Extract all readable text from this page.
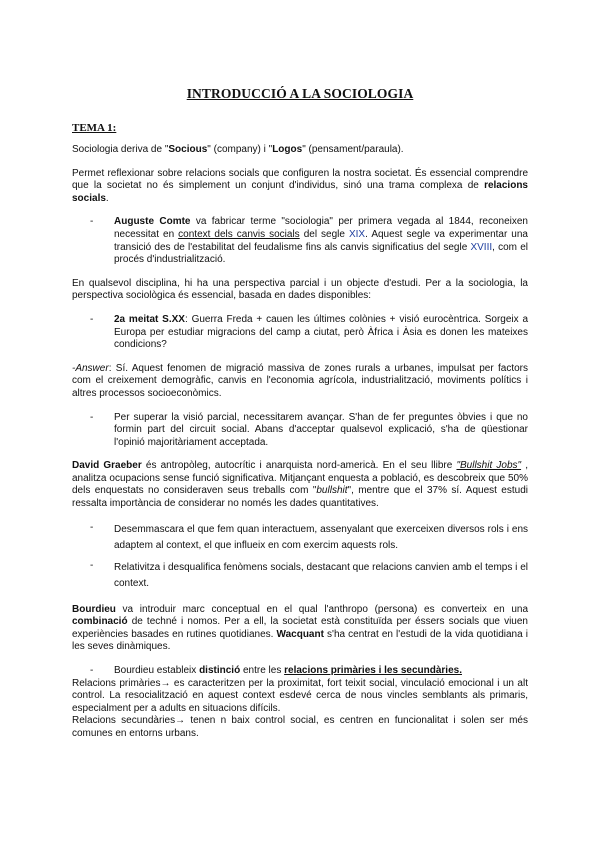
INTRODUCCIÓ A LA SOCIOLOGIA
TEMA 1:

Sociologia deriva de "Socious" (company) i "Logos" (pensament/paraula).

Permet reflexionar sobre relacions socials que configuren la nostra societat. És essencial comprendre que la societat no és simplement un conjunt d'individus, sinó una trama complexa de relacions socials.

-	Auguste Comte va fabricar terme "sociologia" per primera vegada al 1844, reconeixen necessitat en context dels canvis socials del segle XIX. Aquest segle va experimentar una transició des de l'estabilitat del feudalisme fins als canvis significatius del segle XVIII, com el procés d'industrialització.

En qualsevol disciplina, hi ha una perspectiva parcial i un objecte d'estudi. Per a la sociologia, la perspectiva sociològica és essencial, basada en dades disponibles:

-	2a meitat S.XX: Guerra Freda + cauen les últimes colònies + visió eurocèntrica. Sorgeix a Europa per estudiar migracions del camp a ciutat, però Àfrica i Àsia es donen les mateixes condicions?

-Answer: Sí. Aquest fenomen de migració massiva de zones rurals a urbanes, impulsat per factors com el creixement demogràfic, canvis en l'economia agrícola, industrialització, moviments polítics i altres processos socioeconòmics.

-	Per superar la visió parcial, necessitarem avançar. S'han de fer preguntes òbvies i que no formin part del circuit social. Abans d'acceptar qualsevol explicació, s'ha de qüestionar l'opinió majoritàriament acceptada.

David Graeber és antropòleg, autocrític i anarquista nord-americà. En el seu llibre "Bullshit Jobs" , analitza ocupacions sense funció significativa. Mitjançant enquesta a població, es descobreix que 50% dels enquestats no consideraven seus treballs com "bullshit", mentre que el 37% sí. Aquest estudi ressalta importància de considerar no només les dades quantitatives.

-	Desemmascara el que fem quan interactuem, assenyalant que exerceixen diversos rols i ens adaptem al context, el que influeix en com exercim aquests rols.

-	Relativitza i desqualifica fenòmens socials, destacant que relacions canvien amb el temps i el context.

Bourdieu va introduir marc conceptual en el qual l'anthropo (persona) es converteix en una combinació de techné i nomos. Per a ell, la societat està constituïda per éssers socials que viuen experiències basades en rutines quotidianes. Wacquant s'ha centrat en l'estudi de la vida quotidiana i les seves dinàmiques.

-	Bourdieu estableix distinció entre les relacions primàries i les secundàries.

Relacions primàries→ es caracteritzen per la proximitat, fort teixit social, vinculació emocional i un alt control. La resocialització en aquest context esdevé cerca de nous vincles semblants als primaris, especialment per a adults en situacions difícils.

Relacions secundàries→ tenen n baix control social, es centren en funcionalitat i solen ser més comunes en entorns urbans.
